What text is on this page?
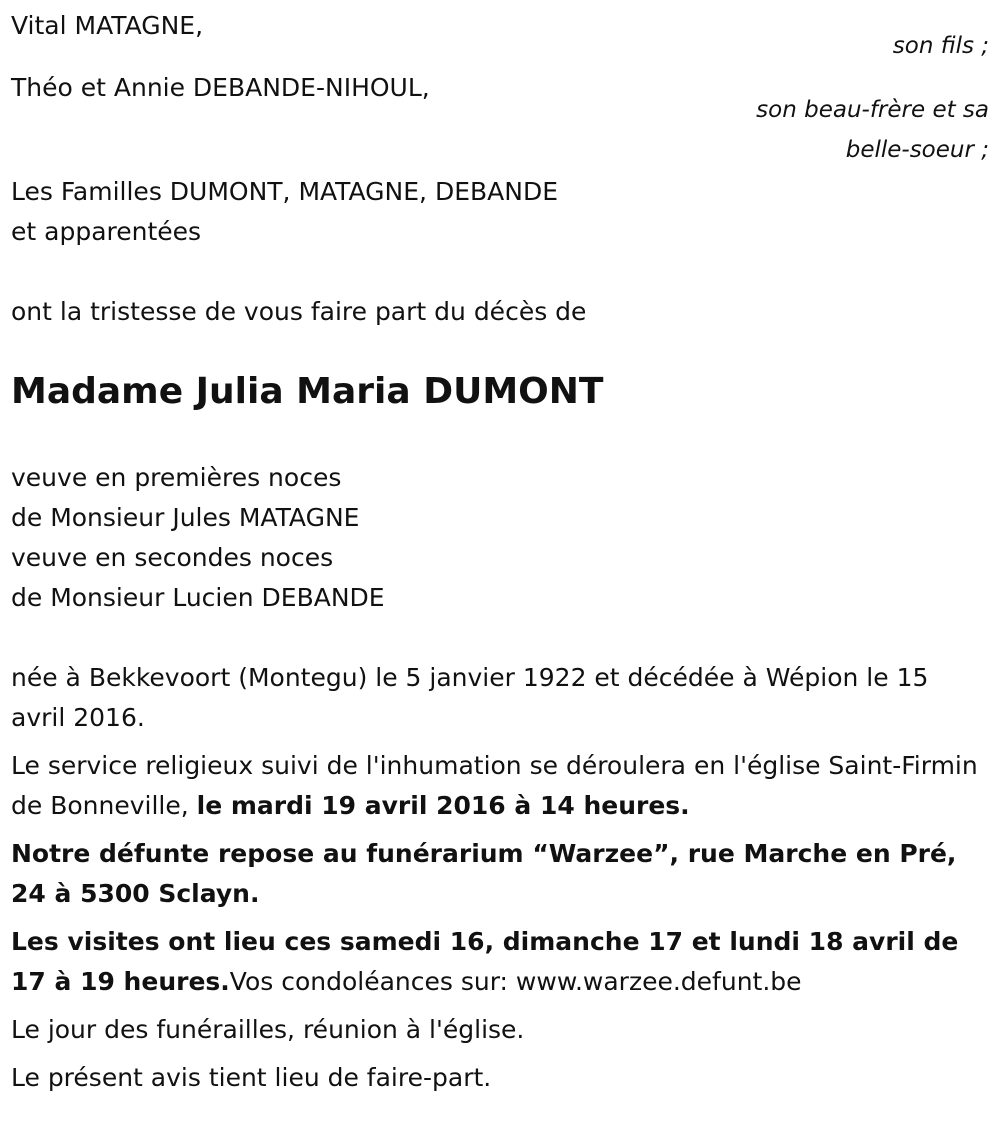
Vital MATAGNE,
son fils ;
Théo et Annie DEBANDE-NIHOUL,
son beau-frère et sa
belle-soeur ;
Les Familles DUMONT, MATAGNE, DEBANDE
et apparentées
ont la tristesse de vous faire part du décès de
Madame Julia Maria DUMONT
veuve en premières noces
de Monsieur Jules MATAGNE
veuve en secondes noces
de Monsieur Lucien DEBANDE
née à Bekkevoort (Montegu) le 5 janvier 1922 et décédée à Wépion le 15 avril 2016.
Le service religieux suivi de l'inhumation se déroulera en l'église Saint-Firmin de Bonneville, le mardi 19 avril 2016 à 14 heures.
Notre défunte repose au funérarium “Warzee”, rue Marche en Pré, 24 à 5300 Sclayn.
Les visites ont lieu ces samedi 16, dimanche 17 et lundi 18 avril de 17 à 19 heures.Vos condoléances sur: www.warzee.defunt.be
Le jour des funérailles, réunion à l'église.
Le présent avis tient lieu de faire-part.
